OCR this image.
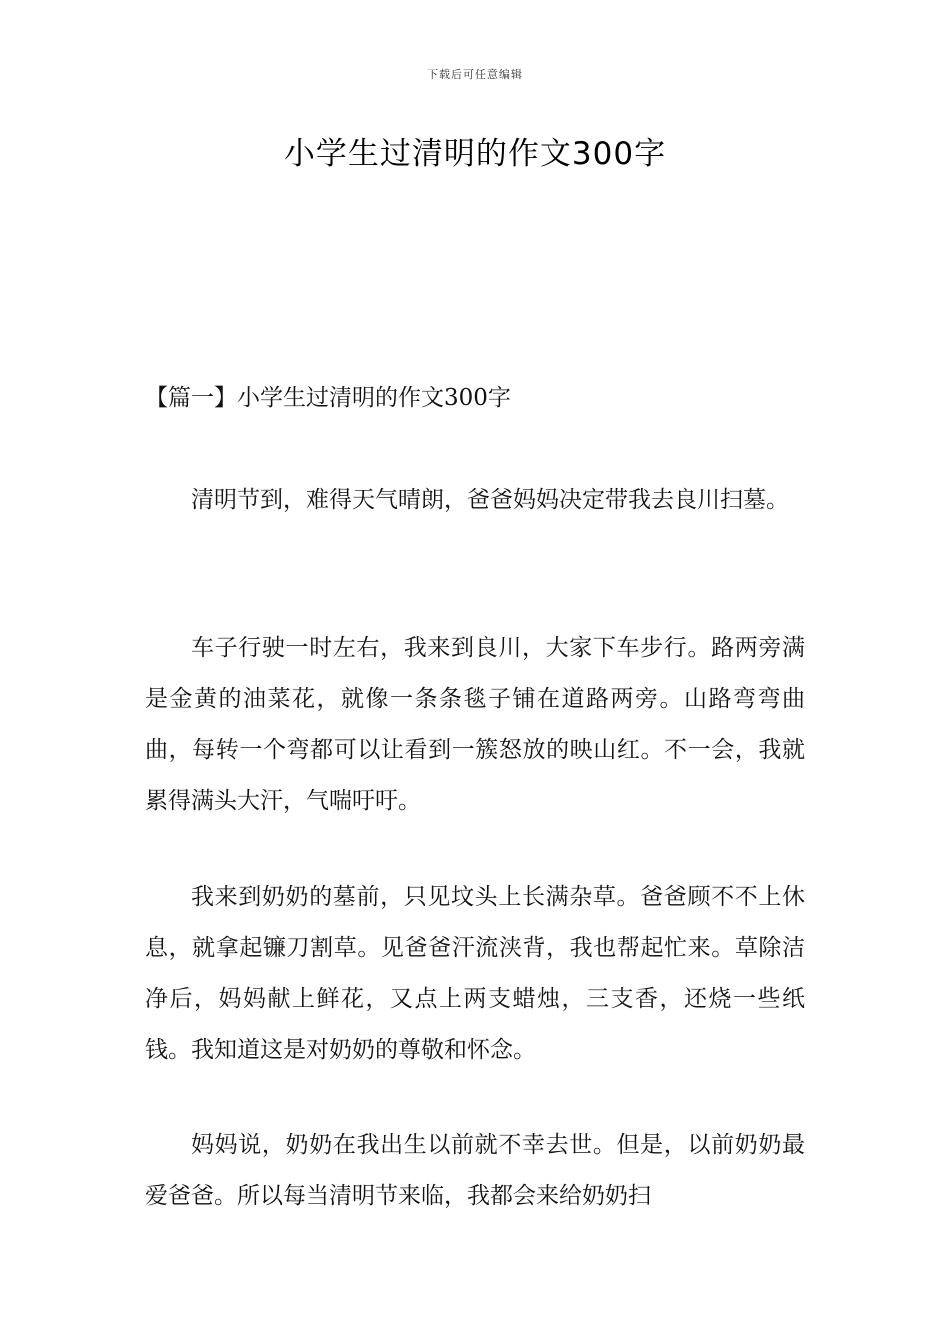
下载后可任意编辑
小学生过清明的作文300字
【篇一】小学生过清明的作文300字

清明节到，难得天气晴朗，爸爸妈妈决定带我去良川扫墓。

车子行驶一时左右，我来到良川，大家下车步行。路两旁满是金黄的油菜花，就像一条条毯子铺在道路两旁。山路弯弯曲曲，每转一个弯都可以让看到一簇怒放的映山红。不一会，我就累得满头大汗，气喘吁吁。

我来到奶奶的墓前，只见坟头上长满杂草。爸爸顾不不上休息，就拿起镰刀割草。见爸爸汗流浃背，我也帮起忙来。草除洁净后，妈妈献上鲜花，又点上两支蜡烛，三支香，还烧一些纸钱。我知道这是对奶奶的尊敬和怀念。

妈妈说，奶奶在我出生以前就不幸去世。但是，以前奶奶最爱爸爸。所以每当清明节来临，我都会来给奶奶扫
